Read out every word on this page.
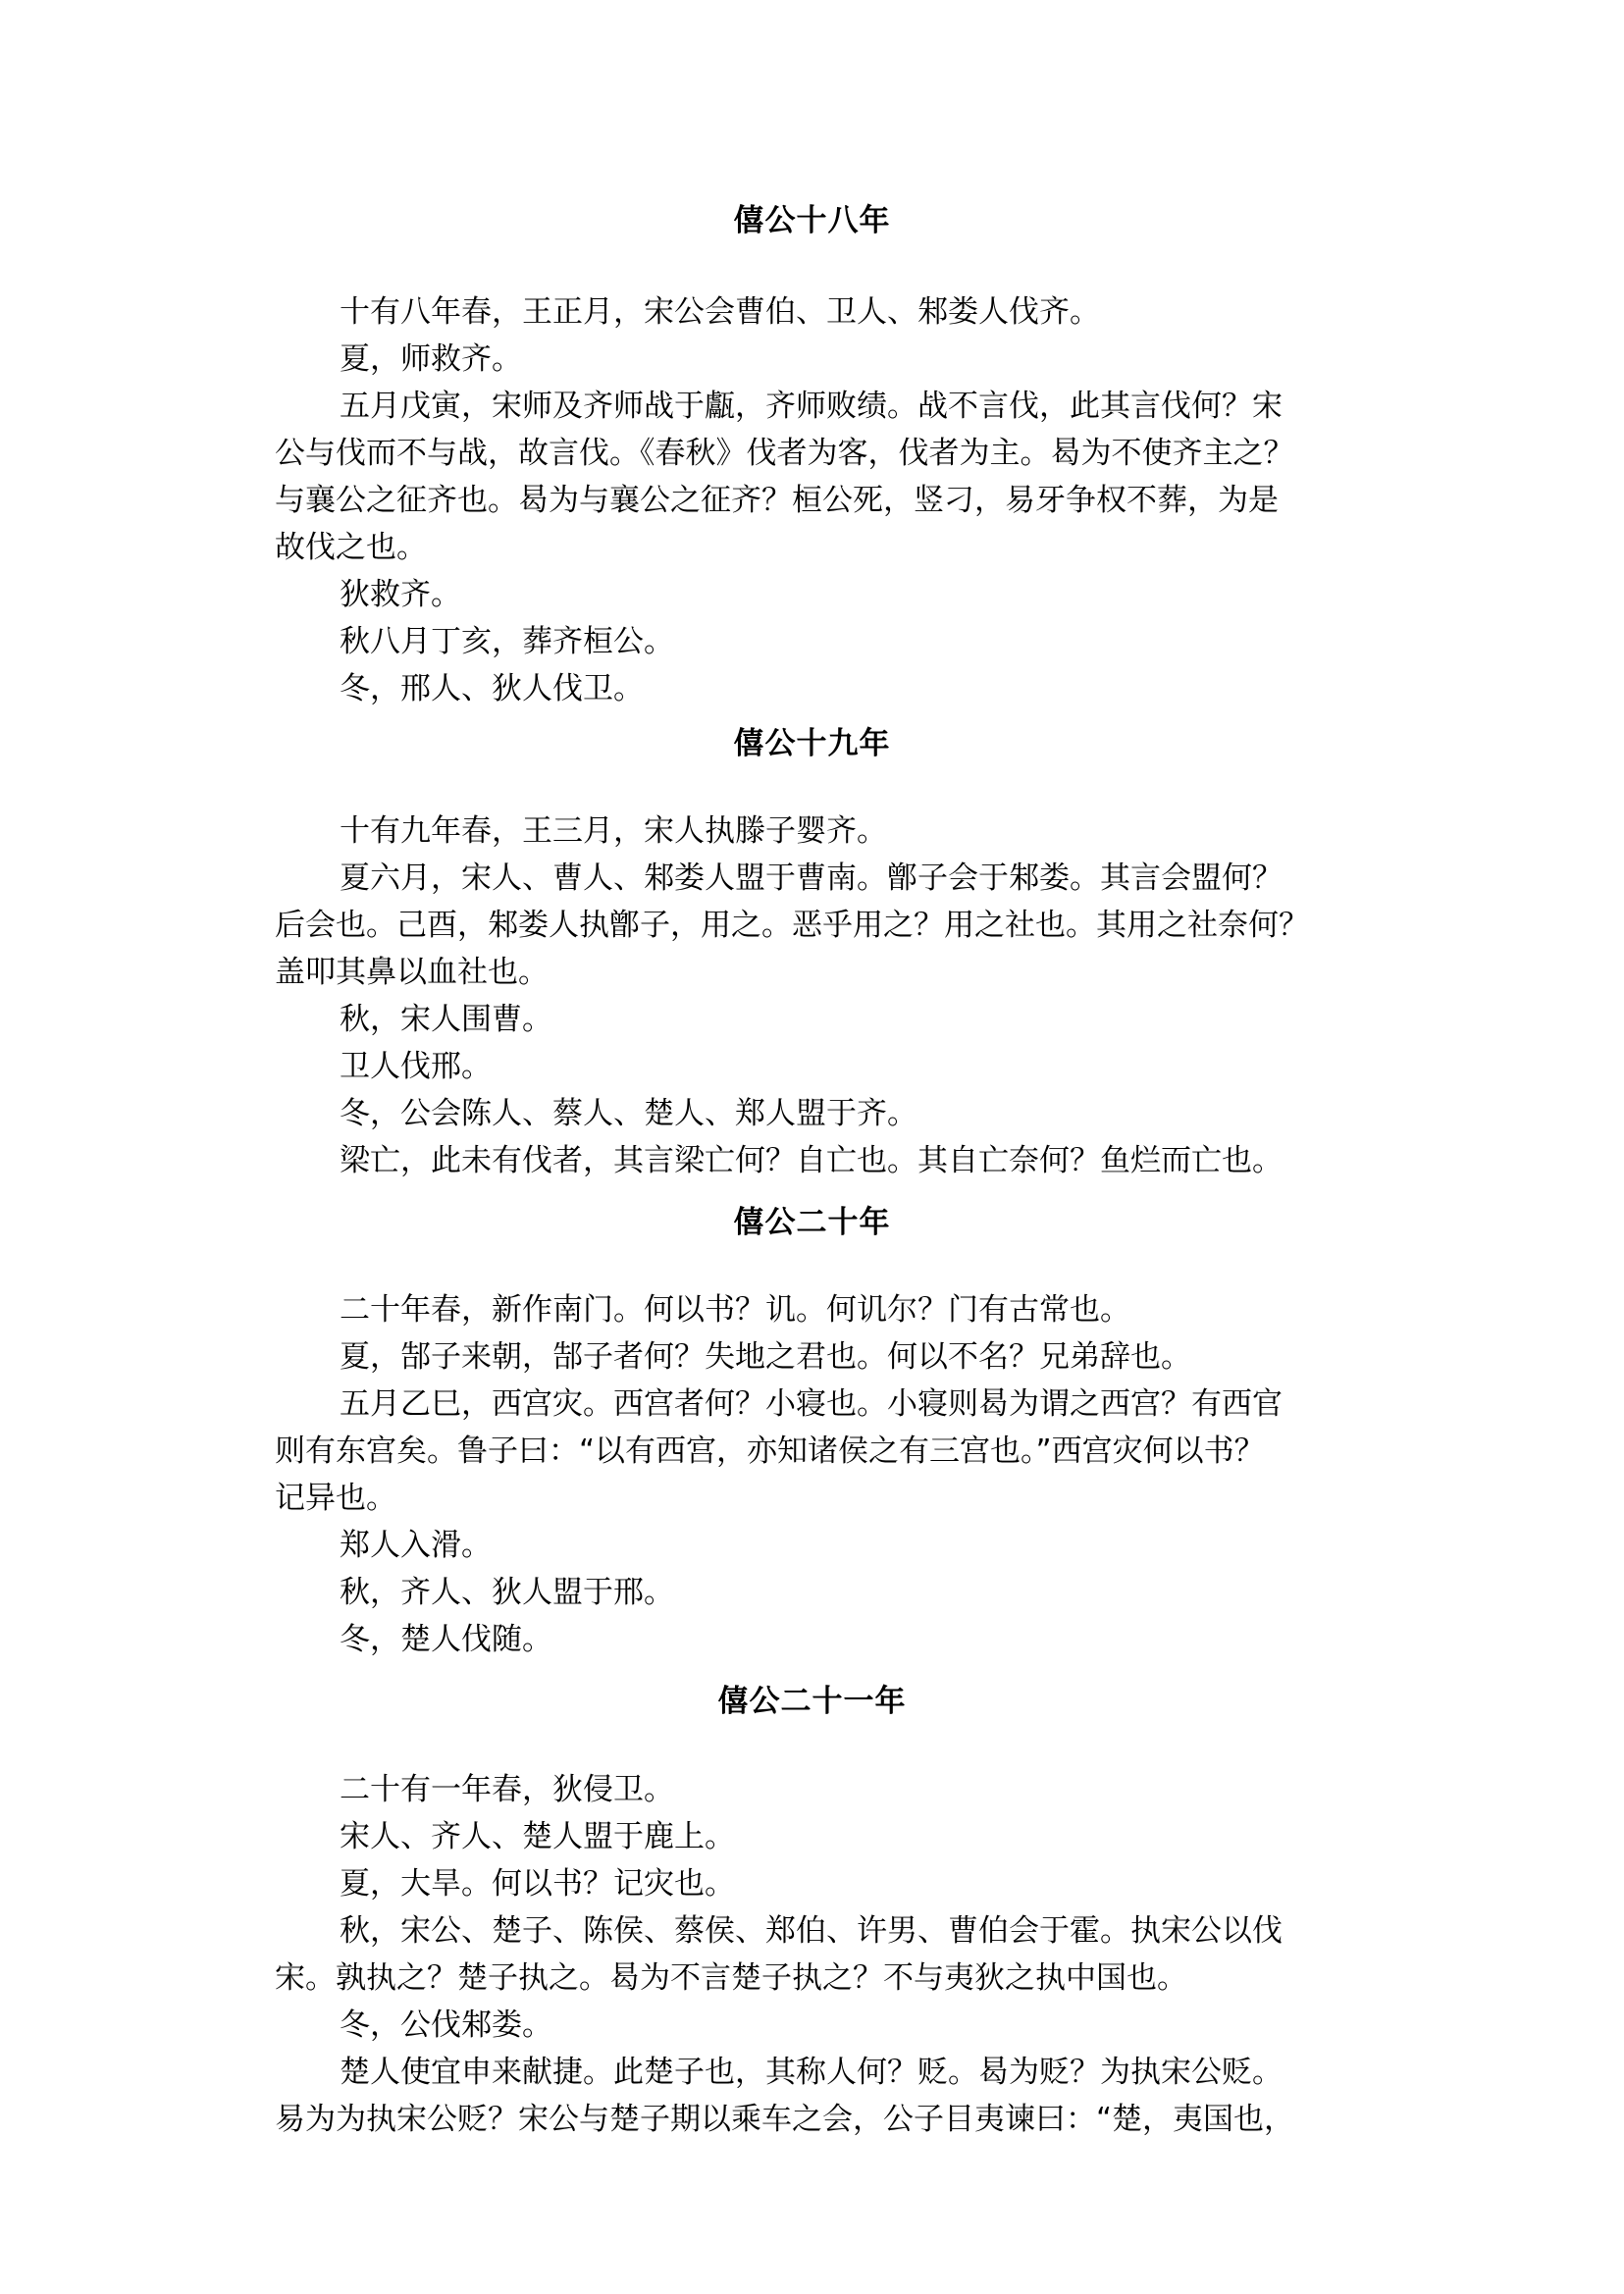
僖公十八年
十有八年春，王正月，宋公会曹伯、卫人、邾娄人伐齐。
夏，师救齐。
五月戊寅，宋师及齐师战于甗，齐师败绩。战不言伐，此其言伐何？宋
公与伐而不与战，故言伐。《春秋》伐者为客，伐者为主。曷为不使齐主之？
与襄公之征齐也。曷为与襄公之征齐？桓公死，竖刁，易牙争权不葬，为是
故伐之也。
狄救齐。
秋八月丁亥，葬齐桓公。
冬，邢人、狄人伐卫。
僖公十九年
十有九年春，王三月，宋人执滕子婴齐。
夏六月，宋人、曹人、邾娄人盟于曹南。鄫子会于邾娄。其言会盟何？
后会也。己酉，邾娄人执鄫子，用之。恶乎用之？用之社也。其用之社奈何？
盖叩其鼻以血社也。
秋，宋人围曹。
卫人伐邢。
冬，公会陈人、蔡人、楚人、郑人盟于齐。
梁亡，此未有伐者，其言梁亡何？自亡也。其自亡奈何？鱼烂而亡也。
僖公二十年
二十年春，新作南门。何以书？讥。何讥尔？门有古常也。
夏，郜子来朝，郜子者何？失地之君也。何以不名？兄弟辞也。
五月乙巳，西宫灾。西宫者何？小寝也。小寝则曷为谓之西宫？有西官
则有东宫矣。鲁子曰：“以有西宫，亦知诸侯之有三宫也。”西宫灾何以书？
记异也。
郑人入滑。
秋，齐人、狄人盟于邢。
冬，楚人伐随。
僖公二十一年
二十有一年春，狄侵卫。
宋人、齐人、楚人盟于鹿上。
夏，大旱。何以书？记灾也。
秋，宋公、楚子、陈侯、蔡侯、郑伯、许男、曹伯会于霍。执宋公以伐
宋。孰执之？楚子执之。曷为不言楚子执之？不与夷狄之执中国也。
冬，公伐邾娄。
楚人使宜申来献捷。此楚子也，其称人何？贬。曷为贬？为执宋公贬。
易为为执宋公贬？宋公与楚子期以乘车之会，公子目夷谏曰：“楚，夷国也，
